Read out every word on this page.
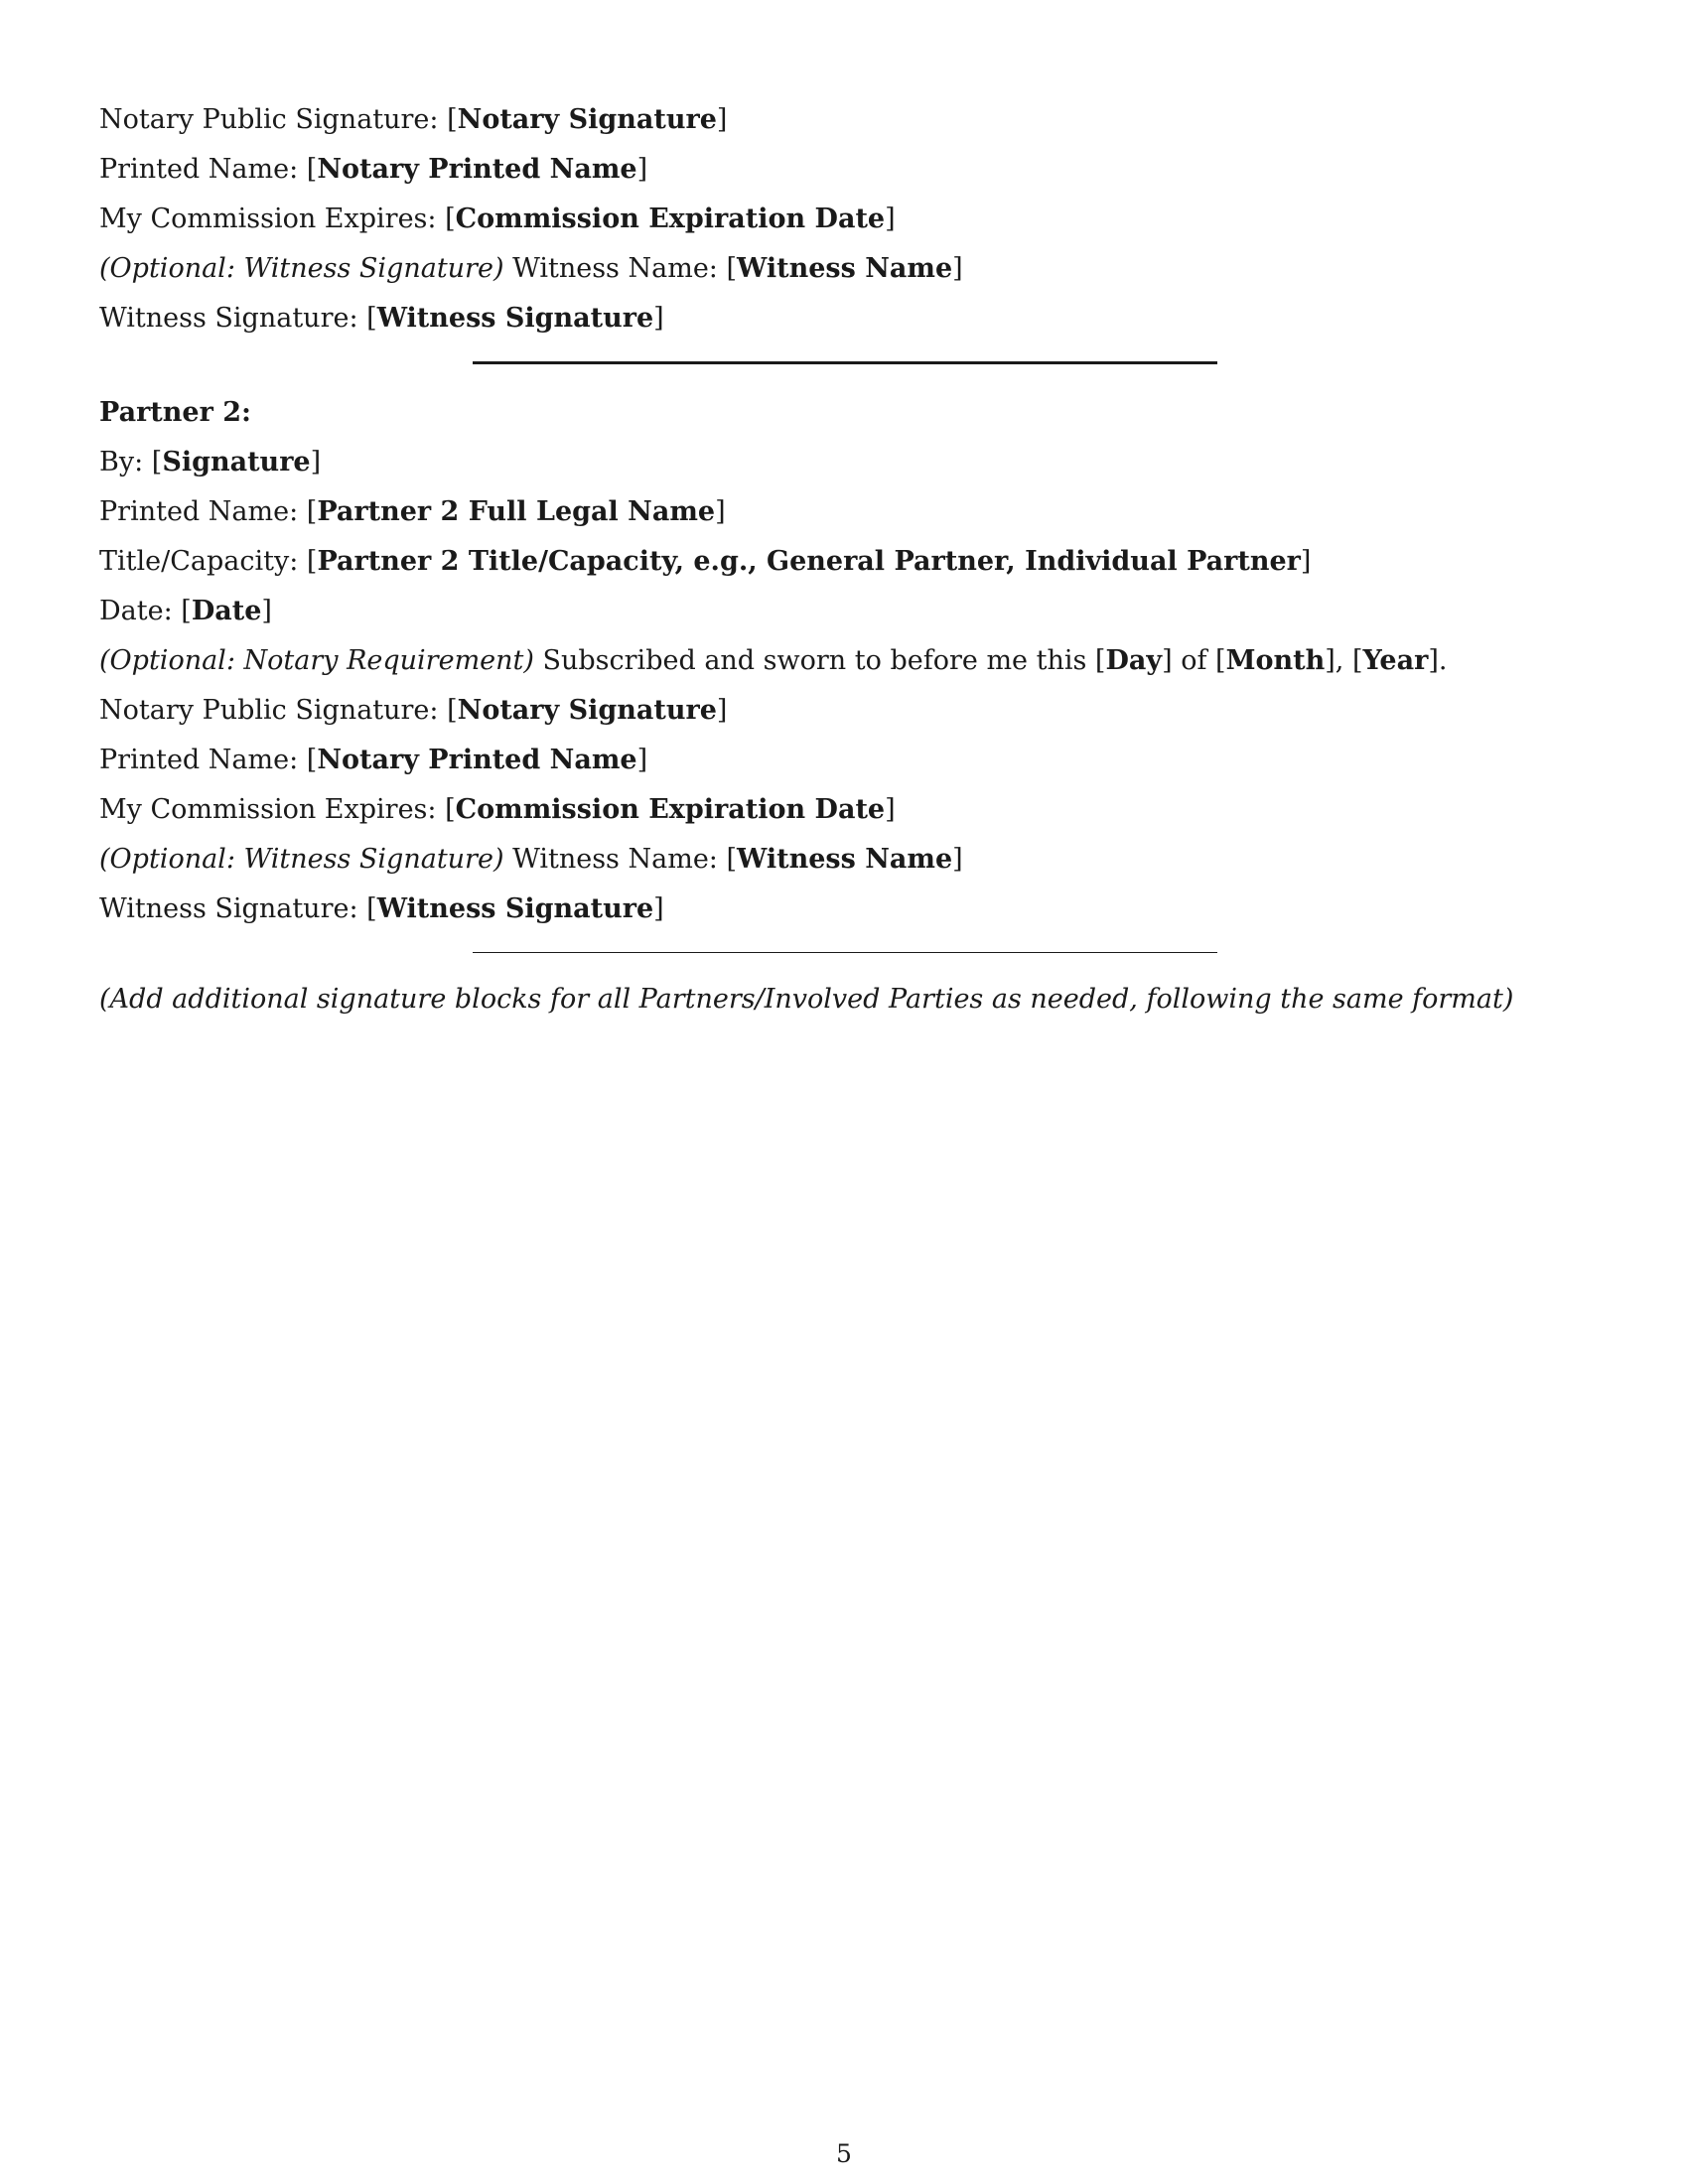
Notary Public Signature: [Notary Signature]
Printed Name: [Notary Printed Name]
My Commission Expires: [Commission Expiration Date]
(Optional: Witness Signature) Witness Name: [Witness Name]
Witness Signature: [Witness Signature]
Partner 2:
By: [Signature]
Printed Name: [Partner 2 Full Legal Name]
Title/Capacity: [Partner 2 Title/Capacity, e.g., General Partner, Individual Partner]
Date: [Date]
(Optional: Notary Requirement) Subscribed and sworn to before me this [Day] of [Month], [Year].
Notary Public Signature: [Notary Signature]
Printed Name: [Notary Printed Name]
My Commission Expires: [Commission Expiration Date]
(Optional: Witness Signature) Witness Name: [Witness Name]
Witness Signature: [Witness Signature]
(Add additional signature blocks for all Partners/Involved Parties as needed, following the same format)
5
